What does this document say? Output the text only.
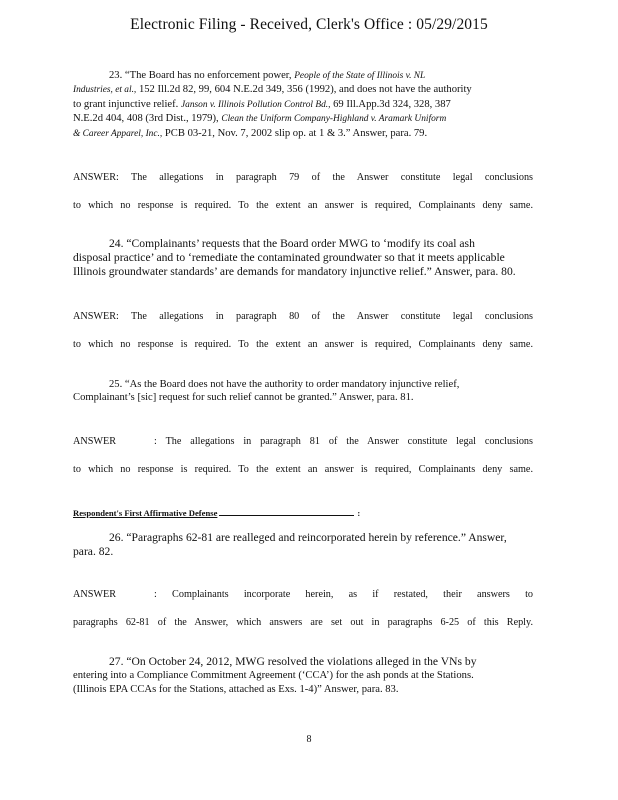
Electronic Filing - Received, Clerk's Office : 05/29/2015

23. “The Board has no enforcement power, People of the State of Illinois v. NL

Industries, et al., 152 Ill.2d 82, 99, 604 N.E.2d 349, 356 (1992), and does not have the authority

to grant injunctive relief. Janson v. Illinois Pollution Control Bd., 69 Ill.App.3d 324, 328, 387

N.E.2d 404, 408 (3rd Dist., 1979), Clean the Uniform Company-Highland v. Aramark Uniform

& Career Apparel, Inc., PCB 03-21, Nov. 7, 2002 slip op. at 1 & 3.” Answer, para. 79.

ANSWER: The allegations in paragraph 79 of the Answer constitute legal conclusions

to which no response is required. To the extent an answer is required, Complainants deny same.

24. “Complainants’ requests that the Board order MWG to ‘modify its coal ash

disposal practice’ and to ‘remediate the contaminated groundwater so that it meets applicable

Illinois groundwater standards’ are demands for mandatory injunctive relief.” Answer, para. 80.

ANSWER: The allegations in paragraph 80 of the Answer constitute legal conclusions

to which no response is required. To the extent an answer is required, Complainants deny same.

25. “As the Board does not have the authority to order mandatory injunctive relief,

Complainant’s [sic] request for such relief cannot be granted.” Answer, para. 81.

ANSWER	: The allegations in paragraph 81 of the Answer constitute legal conclusions

to which no response is required. To the extent an answer is required, Complainants deny same.

Respondent's First Affirmative Defense	:

26. “Paragraphs 62-81 are realleged and reincorporated herein by reference.” Answer,

para. 82.

ANSWER	: Complainants incorporate herein, as if restated, their answers to

paragraphs 62-81 of the Answer, which answers are set out in paragraphs 6-25 of this Reply.

27. “On October 24, 2012, MWG resolved the violations alleged in the VNs by

entering into a Compliance Commitment Agreement (‘CCA’) for the ash ponds at the Stations.

(Illinois EPA CCAs for the Stations, attached as Exs. 1-4)” Answer, para. 83.

8
